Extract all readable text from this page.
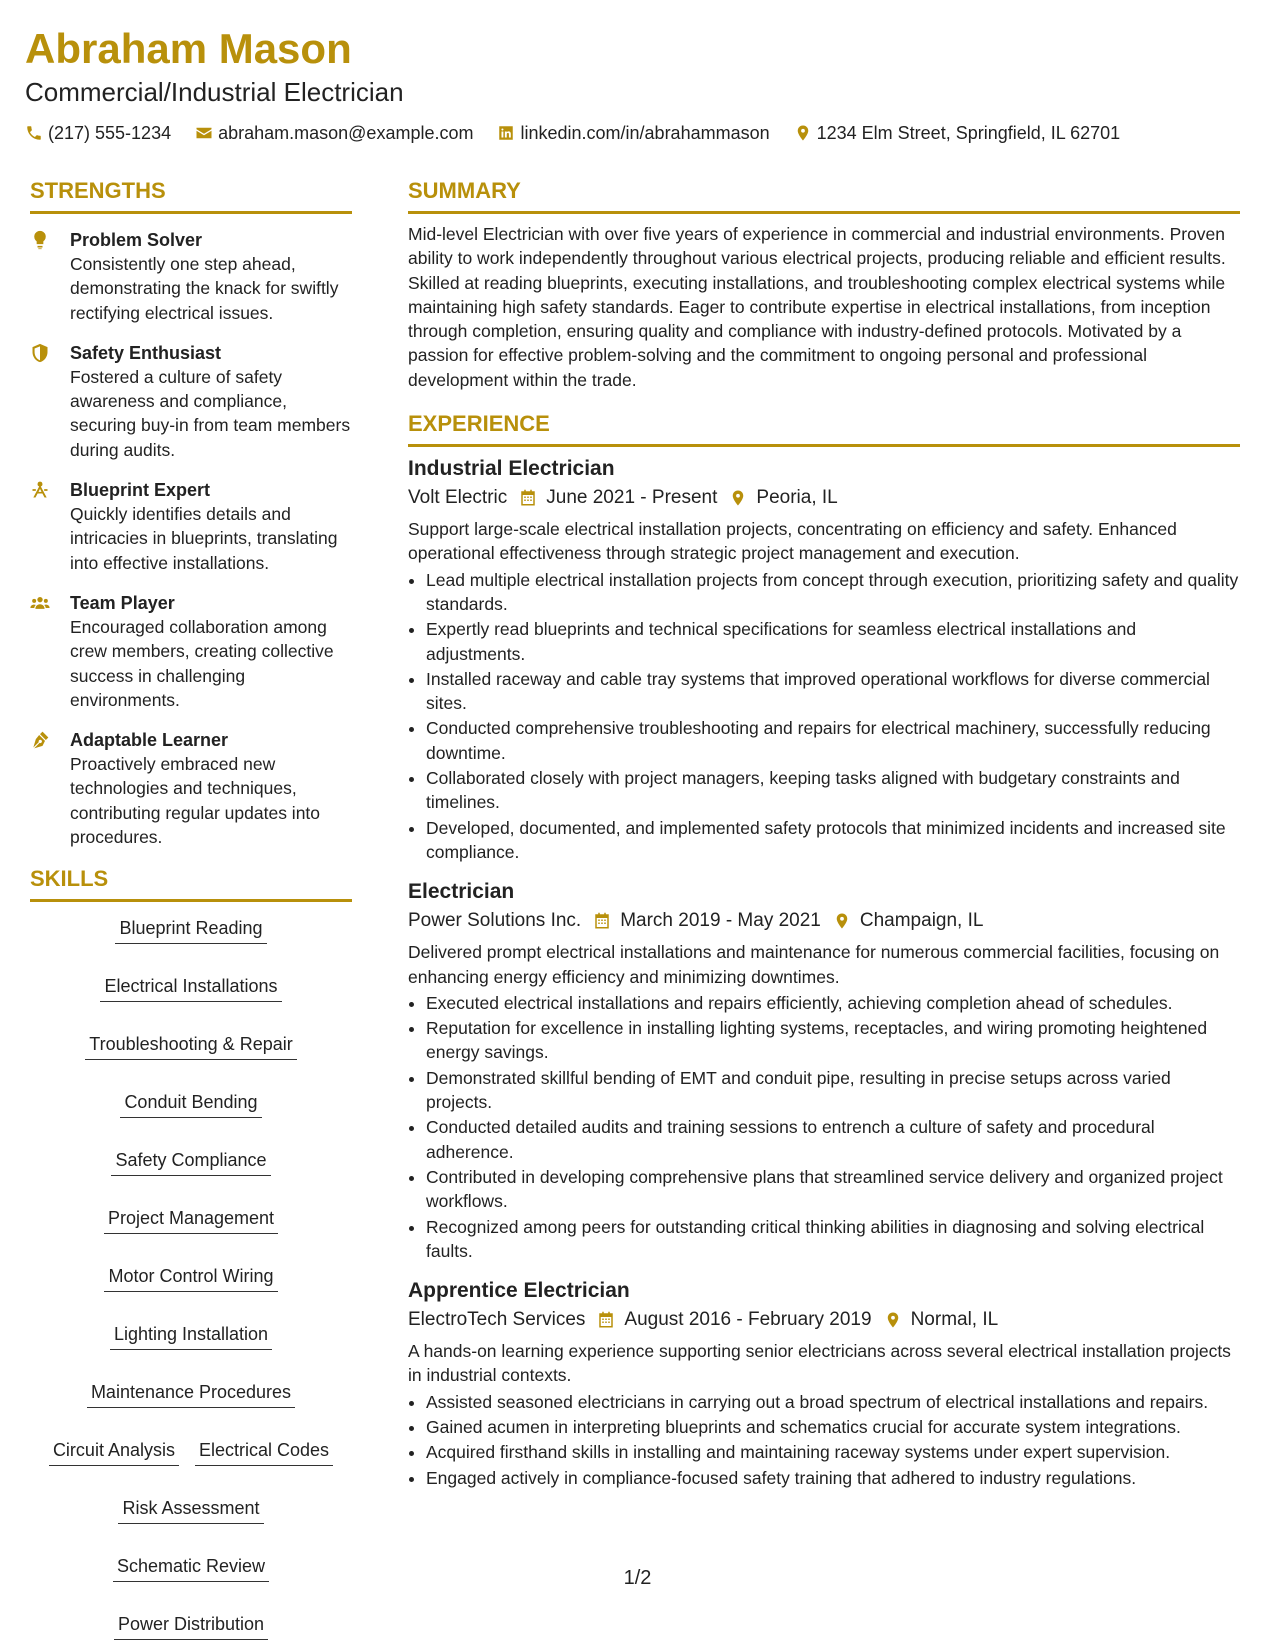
Abraham Mason
Commercial/Industrial Electrician
(217) 555-1234	abraham.mason@example.com	linkedin.com/in/abrahammason	1234 Elm Street, Springfield, IL 62701
STRENGTHS
Problem Solver
Consistently one step ahead, demonstrating the knack for swiftly rectifying electrical issues.
Safety Enthusiast
Fostered a culture of safety awareness and compliance, securing buy-in from team members during audits.
Blueprint Expert
Quickly identifies details and intricacies in blueprints, translating into effective installations.
Team Player
Encouraged collaboration among crew members, creating collective success in challenging environments.
Adaptable Learner
Proactively embraced new technologies and techniques, contributing regular updates into procedures.
SKILLS
Blueprint Reading
Electrical Installations
Troubleshooting & Repair
Conduit Bending
Safety Compliance
Project Management
Motor Control Wiring
Lighting Installation
Maintenance Procedures
Circuit Analysis Electrical Codes
Risk Assessment
Schematic Review
Power Distribution
SUMMARY
Mid-level Electrician with over five years of experience in commercial and industrial environments. Proven ability to work independently throughout various electrical projects, producing reliable and efficient results. Skilled at reading blueprints, executing installations, and troubleshooting complex electrical systems while maintaining high safety standards. Eager to contribute expertise in electrical installations, from inception through completion, ensuring quality and compliance with industry-defined protocols. Motivated by a passion for effective problem-solving and the commitment to ongoing personal and professional development within the trade.
EXPERIENCE
Industrial Electrician
Volt Electric June 2021 - Present Peoria, IL
Support large-scale electrical installation projects, concentrating on efficiency and safety. Enhanced operational effectiveness through strategic project management and execution.
• Lead multiple electrical installation projects from concept through execution, prioritizing safety and quality standards.
• Expertly read blueprints and technical specifications for seamless electrical installations and adjustments.
• Installed raceway and cable tray systems that improved operational workflows for diverse commercial sites.
• Conducted comprehensive troubleshooting and repairs for electrical machinery, successfully reducing downtime.
• Collaborated closely with project managers, keeping tasks aligned with budgetary constraints and timelines.
• Developed, documented, and implemented safety protocols that minimized incidents and increased site compliance.
Electrician
Power Solutions Inc. March 2019 - May 2021 Champaign, IL
Delivered prompt electrical installations and maintenance for numerous commercial facilities, focusing on enhancing energy efficiency and minimizing downtimes.
• Executed electrical installations and repairs efficiently, achieving completion ahead of schedules.
• Reputation for excellence in installing lighting systems, receptacles, and wiring promoting heightened energy savings.
• Demonstrated skillful bending of EMT and conduit pipe, resulting in precise setups across varied projects.
• Conducted detailed audits and training sessions to entrench a culture of safety and procedural adherence.
• Contributed in developing comprehensive plans that streamlined service delivery and organized project workflows.
• Recognized among peers for outstanding critical thinking abilities in diagnosing and solving electrical faults.
Apprentice Electrician
ElectroTech Services August 2016 - February 2019 Normal, IL
A hands-on learning experience supporting senior electricians across several electrical installation projects in industrial contexts.
• Assisted seasoned electricians in carrying out a broad spectrum of electrical installations and repairs.
• Gained acumen in interpreting blueprints and schematics crucial for accurate system integrations.
• Acquired firsthand skills in installing and maintaining raceway systems under expert supervision.
• Engaged actively in compliance-focused safety training that adhered to industry regulations.
1/2
